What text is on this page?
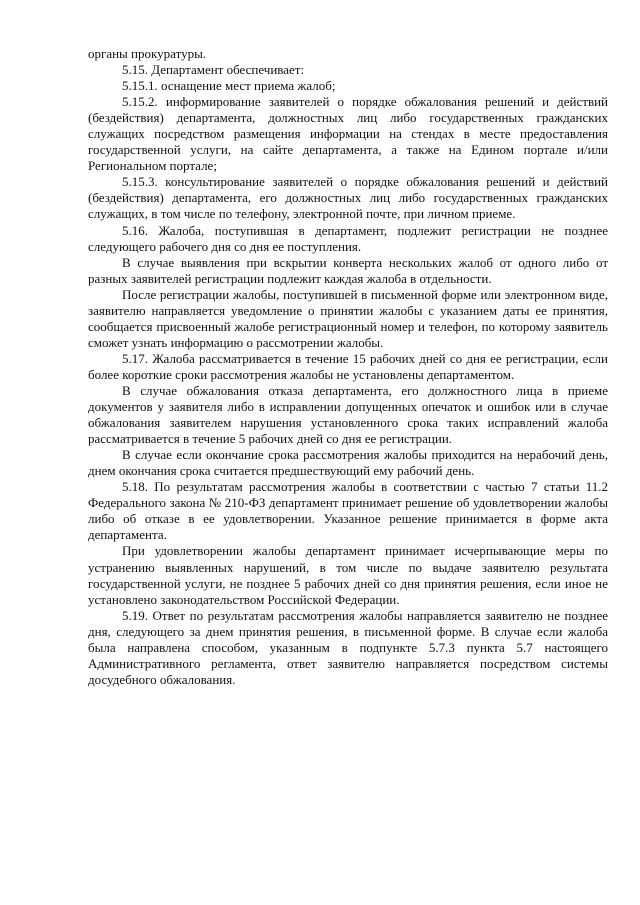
органы прокуратуры.

5.15. Департамент обеспечивает:

5.15.1. оснащение мест приема жалоб;

5.15.2. информирование заявителей о порядке обжалования решений и действий (бездействия) департамента, должностных лиц либо государственных гражданских служащих посредством размещения информации на стендах в месте предоставления государственной услуги, на сайте департамента, а также на Едином портале и/или Региональном портале;

5.15.3. консультирование заявителей о порядке обжалования решений и действий (бездействия) департамента, его должностных лиц либо государственных гражданских служащих, в том числе по телефону, электронной почте, при личном приеме.

5.16. Жалоба, поступившая в департамент, подлежит регистрации не позднее следующего рабочего дня со дня ее поступления.

В случае выявления при вскрытии конверта нескольких жалоб от одного либо от разных заявителей регистрации подлежит каждая жалоба в отдельности.

После регистрации жалобы, поступившей в письменной форме или электронном виде, заявителю направляется уведомление о принятии жалобы с указанием даты ее принятия, сообщается присвоенный жалобе регистрационный номер и телефон, по которому заявитель сможет узнать информацию о рассмотрении жалобы.

5.17. Жалоба рассматривается в течение 15 рабочих дней со дня ее регистрации, если более короткие сроки рассмотрения жалобы не установлены департаментом.

В случае обжалования отказа департамента, его должностного лица в приеме документов у заявителя либо в исправлении допущенных опечаток и ошибок или в случае обжалования заявителем нарушения установленного срока таких исправлений жалоба рассматривается в течение 5 рабочих дней со дня ее регистрации.

В случае если окончание срока рассмотрения жалобы приходится на нерабочий день, днем окончания срока считается предшествующий ему рабочий день.

5.18. По результатам рассмотрения жалобы в соответствии с частью 7 статьи 11.2 Федерального закона № 210-ФЗ департамент принимает решение об удовлетворении жалобы либо об отказе в ее удовлетворении. Указанное решение принимается в форме акта департамента.

При удовлетворении жалобы департамент принимает исчерпывающие меры по устранению выявленных нарушений, в том числе по выдаче заявителю результата государственной услуги, не позднее 5 рабочих дней со дня принятия решения, если иное не установлено законодательством Российской Федерации.

5.19. Ответ по результатам рассмотрения жалобы направляется заявителю не позднее дня, следующего за днем принятия решения, в письменной форме. В случае если жалоба была направлена способом, указанным в подпункте 5.7.3 пункта 5.7 настоящего Административного регламента, ответ заявителю направляется посредством системы досудебного обжалования.
